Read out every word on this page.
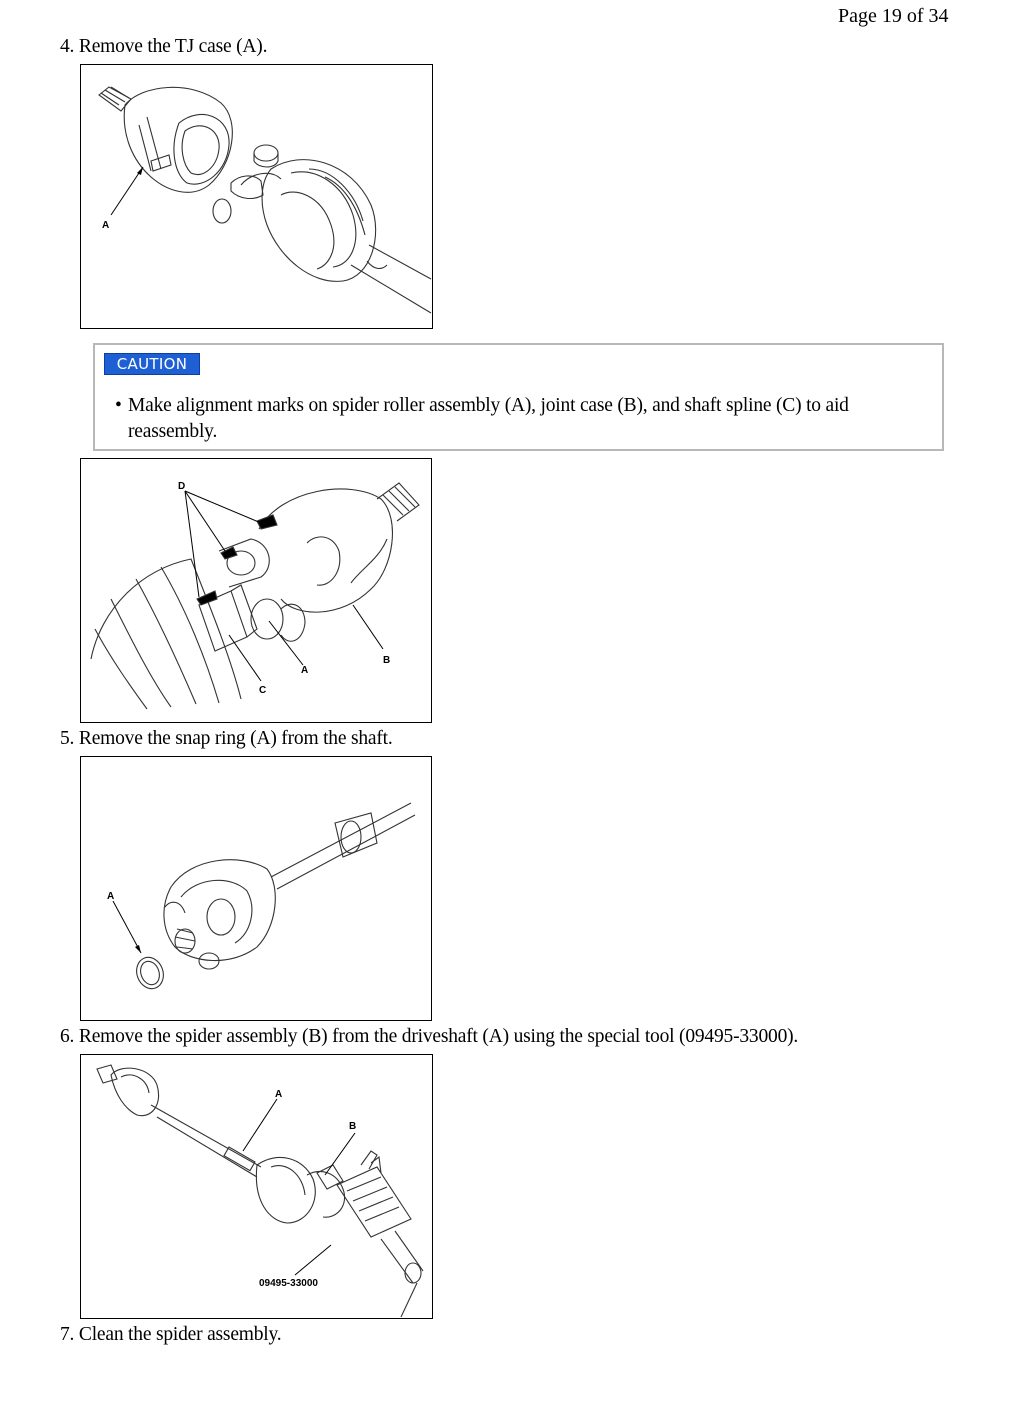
Page 19 of 34
4. Remove the TJ case (A).
A
CAUTION
• Make alignment marks on spider roller assembly (A), joint case (B), and shaft spline (C) to aid reassembly.
D
A
B
C
5. Remove the snap ring (A) from the shaft.
A
6. Remove the spider assembly (B) from the driveshaft (A) using the special tool (09495-33000).
A
B
09495-33000
7. Clean the spider assembly.
